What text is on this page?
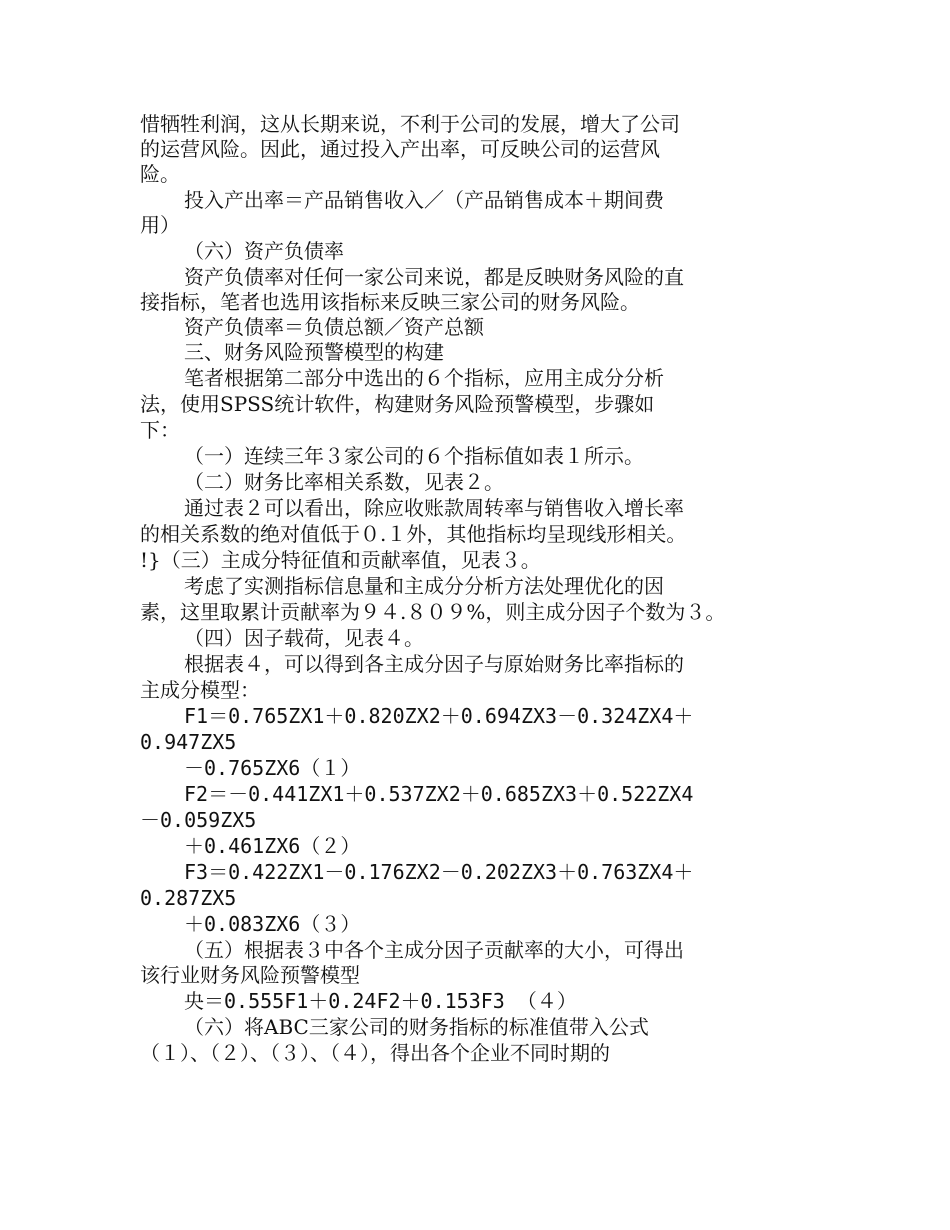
惜牺牲利润，这从长期来说，不利于公司的发展，增大了公司
的运营风险。因此，通过投入产出率，可反映公司的运营风
险。
投入产出率＝产品销售收入／（产品销售成本＋期间费
用）
（六）资产负债率
资产负债率对任何一家公司来说，都是反映财务风险的直
接指标，笔者也选用该指标来反映三家公司的财务风险。
资产负债率＝负债总额／资产总额
三、财务风险预警模型的构建
笔者根据第二部分中选出的６个指标，应用主成分分析
法，使用SPSS统计软件，构建财务风险预警模型，步骤如
下：
（一）连续三年３家公司的６个指标值如表１所示。
（二）财务比率相关系数，见表２。
通过表２可以看出，除应收账款周转率与销售收入增长率
的相关系数的绝对值低于０.１外，其他指标均呈现线形相关。
!}（三）主成分特征值和贡献率值，见表３。
考虑了实测指标信息量和主成分分析方法处理优化的因
素，这里取累计贡献率为９４.８０９%，则主成分因子个数为３。
（四）因子载荷，见表４。
根据表４，可以得到各主成分因子与原始财务比率指标的
主成分模型：
F1＝0.765ZX1＋0.820ZX2＋0.694ZX3－0.324ZX4＋
0.947ZX5
－0.765ZX6（１）
F2＝－0.441ZX1＋0.537ZX2＋0.685ZX3＋0.522ZX4
－0.059ZX5
＋0.461ZX6（２）
F3＝0.422ZX1－0.176ZX2－0.202ZX3＋0.763ZX4＋
0.287ZX5
＋0.083ZX6（３）
（五）根据表３中各个主成分因子贡献率的大小，可得出
该行业财务风险预警模型
央＝0.555F1＋0.24F2＋0.153F3 （４）
（六）将ABC三家公司的财务指标的标准值带入公式
（１）、（２）、（３）、（４），得出各个企业不同时期的
